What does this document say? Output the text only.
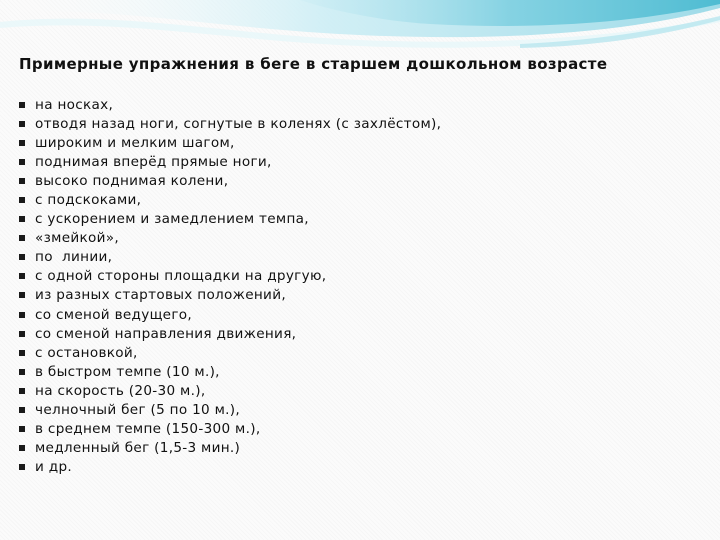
Примерные упражнения в беге в старшем дошкольном возрасте
на носках,
отводя назад ноги, согнутые в коленях (с захлёстом),
широким и мелким шагом,
поднимая вперёд прямые ноги,
высоко поднимая колени,
с подскоками,
с ускорением и замедлением темпа,
«змейкой»,
по  линии,
с одной стороны площадки на другую,
из разных стартовых положений,
со сменой ведущего,
со сменой направления движения,
с остановкой,
в быстром темпе (10 м.),
на скорость (20-30 м.),
челночный бег (5 по 10 м.),
в среднем темпе (150-300 м.),
медленный бег (1,5-3 мин.)
и др.
